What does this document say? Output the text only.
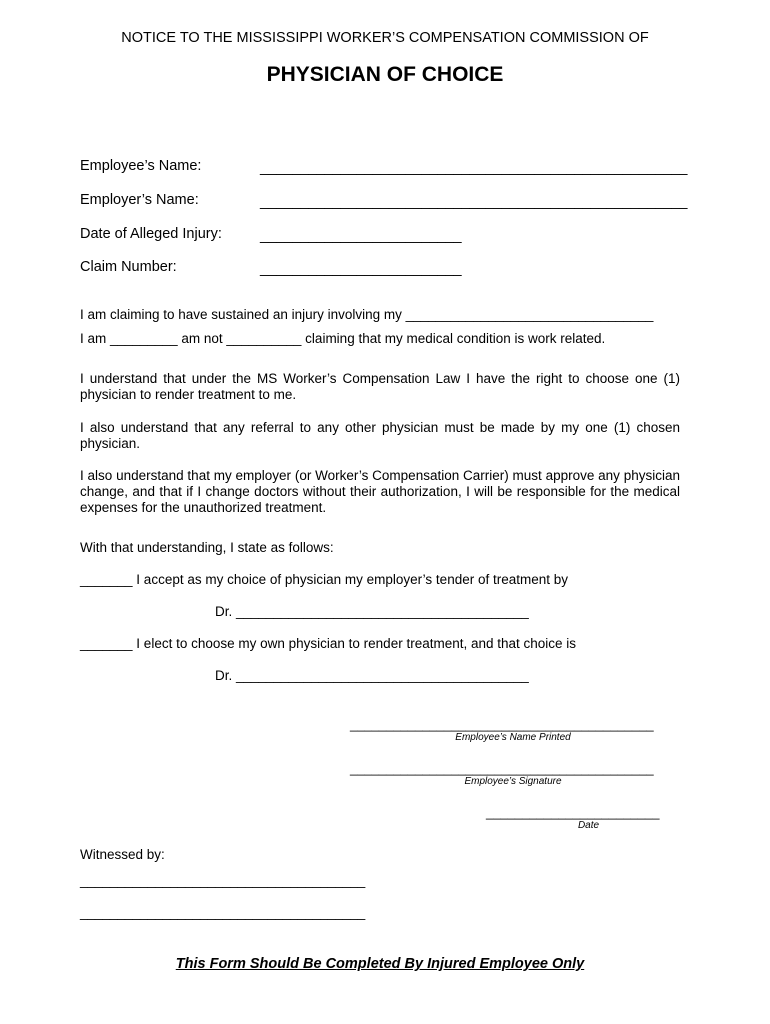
NOTICE TO THE MISSISSIPPI WORKER’S COMPENSATION COMMISSION OF
PHYSICIAN OF CHOICE
Employee’s Name:	_____________________________________________________
Employer’s Name:	_____________________________________________________
Date of Alleged Injury:	_________________________
Claim Number:	_________________________
I am claiming to have sustained an injury involving my _________________________________
I am _________ am not __________ claiming that my medical condition is work related.
I understand that under the MS Worker’s Compensation Law I have the right to choose one (1) physician to render treatment to me.
I also understand that any referral to any other physician must be made by my one (1) chosen physician.
I also understand that my employer (or Worker’s Compensation Carrier) must approve any physician change, and that if I change doctors without their authorization, I will be responsible for the medical expenses for the unauthorized treatment.
With that understanding, I state as follows:
_______ I accept as my choice of physician my employer’s tender of treatment by
Dr. _______________________________________
_______ I elect to choose my own physician to render treatment, and that choice is
Dr. _______________________________________
__________________________________________
Employee’s Name Printed
__________________________________________
Employee’s Signature
________________________
Date
Witnessed by:
______________________________________
______________________________________
This Form Should Be Completed By Injured Employee Only
